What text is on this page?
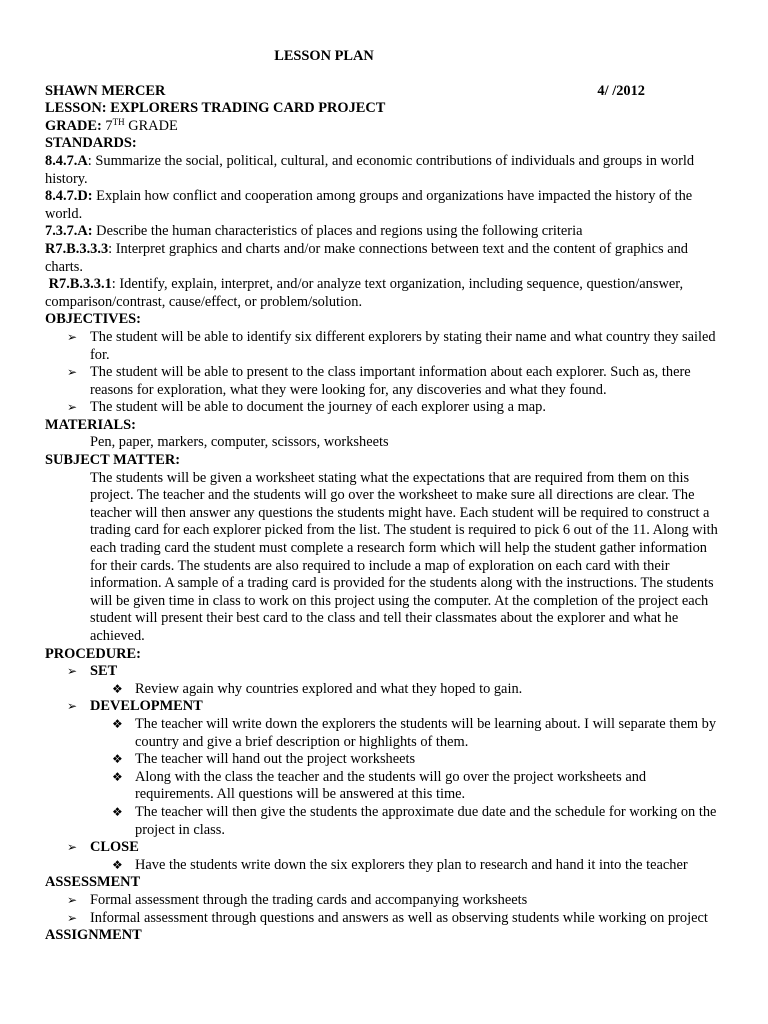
LESSON PLAN

SHAWN MERCER	4/ /2012

LESSON: EXPLORERS TRADING CARD PROJECT

GRADE: 7TH GRADE

STANDARDS:

8.4.7.A: Summarize the social, political, cultural, and economic contributions of individuals and groups in world history.

8.4.7.D: Explain how conflict and cooperation among groups and organizations have impacted the history of the world.

7.3.7.A: Describe the human characteristics of places and regions using the following criteria

R7.B.3.3.3: Interpret graphics and charts and/or make connections between text and the content of graphics and charts.

R7.B.3.3.1: Identify, explain, interpret, and/or analyze text organization, including sequence, question/answer, comparison/contrast, cause/effect, or problem/solution.

OBJECTIVES:

➢ The student will be able to identify six different explorers by stating their name and what country they sailed for.
➢ The student will be able to present to the class important information about each explorer. Such as, there reasons for exploration, what they were looking for, any discoveries and what they found.
➢ The student will be able to document the journey of each explorer using a map.

MATERIALS:

Pen, paper, markers, computer, scissors, worksheets

SUBJECT MATTER:

The students will be given a worksheet stating what the expectations that are required from them on this project. The teacher and the students will go over the worksheet to make sure all directions are clear. The teacher will then answer any questions the students might have. Each student will be required to construct a trading card for each explorer picked from the list. The student is required to pick 6 out of the 11. Along with each trading card the student must complete a research form which will help the student gather information for their cards. The students are also required to include a map of exploration on each card with their information. A sample of a trading card is provided for the students along with the instructions. The students will be given time in class to work on this project using the computer. At the completion of the project each student will present their best card to the class and tell their classmates about the explorer and what he achieved.

PROCEDURE:

➢ SET
❖ Review again why countries explored and what they hoped to gain.
➢ DEVELOPMENT
❖ The teacher will write down the explorers the students will be learning about. I will separate them by country and give a brief description or highlights of them.
❖ The teacher will hand out the project worksheets
❖ Along with the class the teacher and the students will go over the project worksheets and requirements. All questions will be answered at this time.
❖ The teacher will then give the students the approximate due date and the schedule for working on the project in class.
➢ CLOSE
❖ Have the students write down the six explorers they plan to research and hand it into the teacher

ASSESSMENT

➢ Formal assessment through the trading cards and accompanying worksheets
➢ Informal assessment through questions and answers as well as observing students while working on project

ASSIGNMENT
